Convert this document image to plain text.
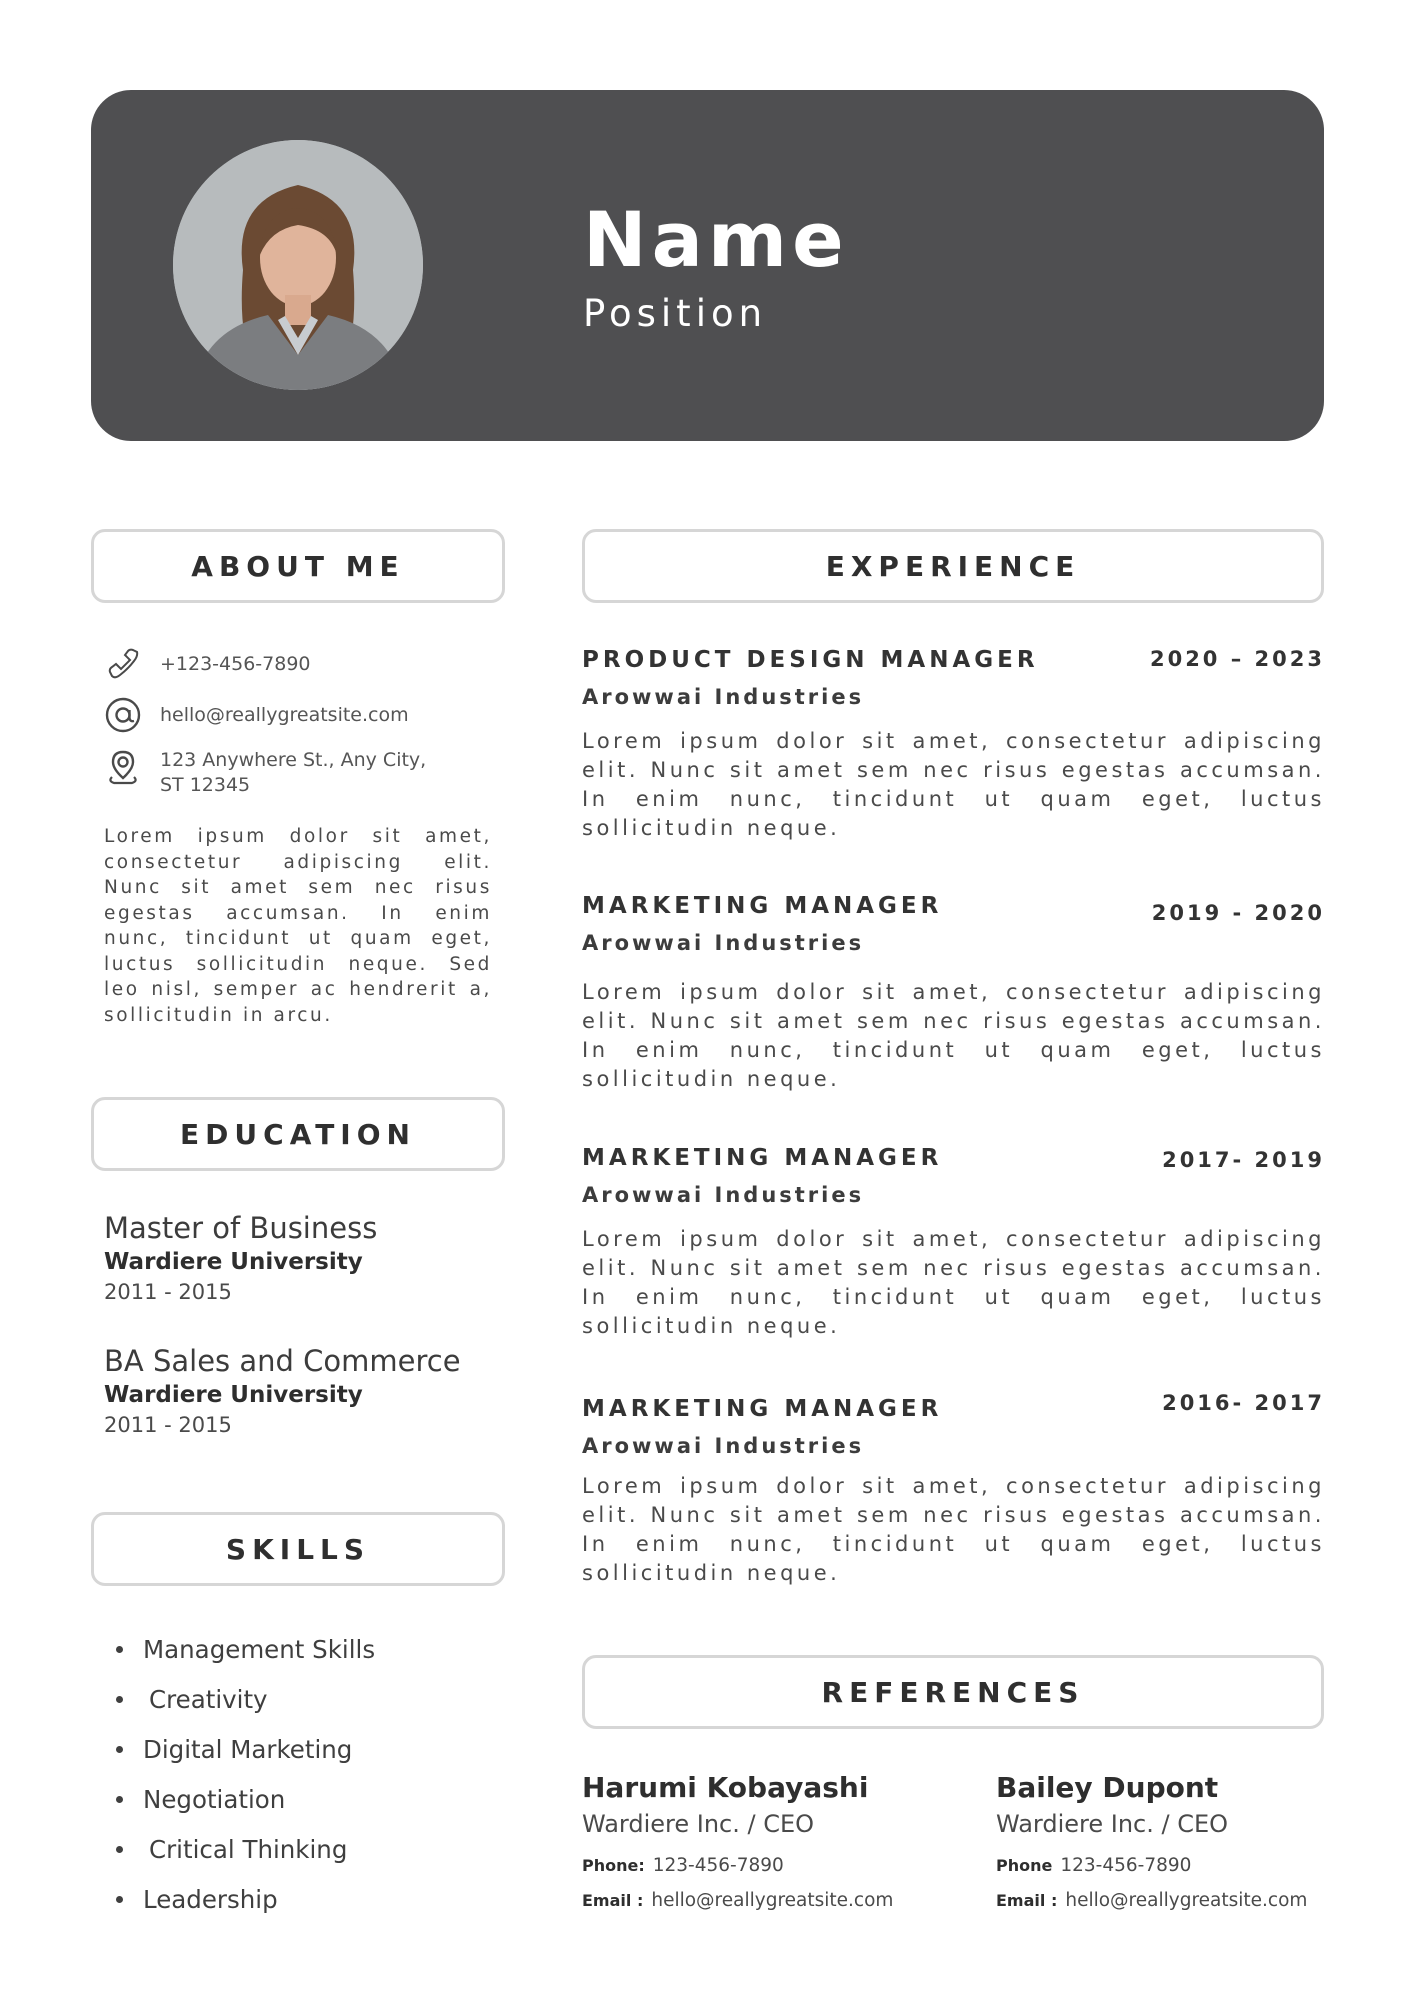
Name
Position
ABOUT ME
+123-456-7890
hello@reallygreatsite.com
123 Anywhere St., Any City, ST 12345
Lorem ipsum dolor sit amet, consectetur adipiscing elit. Nunc sit amet sem nec risus egestas accumsan. In enim nunc, tincidunt ut quam eget, luctus sollicitudin neque. Sed leo nisl, semper ac hendrerit a, sollicitudin in arcu.
EDUCATION
Master of Business
Wardiere University
2011 - 2015
BA Sales and Commerce
Wardiere University
2011 - 2015
SKILLS
Management Skills
Creativity
Digital Marketing
Negotiation
Critical Thinking
Leadership
EXPERIENCE
PRODUCT DESIGN MANAGER	2020 – 2023
Arowwai Industries
Lorem ipsum dolor sit amet, consectetur adipiscing elit. Nunc sit amet sem nec risus egestas accumsan. In enim nunc, tincidunt ut quam eget, luctus sollicitudin neque.
MARKETING MANAGER	2019 - 2020
Arowwai Industries
Lorem ipsum dolor sit amet, consectetur adipiscing elit. Nunc sit amet sem nec risus egestas accumsan. In enim nunc, tincidunt ut quam eget, luctus sollicitudin neque.
MARKETING MANAGER	2017- 2019
Arowwai Industries
Lorem ipsum dolor sit amet, consectetur adipiscing elit. Nunc sit amet sem nec risus egestas accumsan. In enim nunc, tincidunt ut quam eget, luctus sollicitudin neque.
MARKETING MANAGER	2016- 2017
Arowwai Industries
Lorem ipsum dolor sit amet, consectetur adipiscing elit. Nunc sit amet sem nec risus egestas accumsan. In enim nunc, tincidunt ut quam eget, luctus sollicitudin neque.
REFERENCES
Harumi Kobayashi
Wardiere Inc. / CEO
Phone: 123-456-7890
Email : hello@reallygreatsite.com
Bailey Dupont
Wardiere Inc. / CEO
Phone 123-456-7890
Email : hello@reallygreatsite.com
